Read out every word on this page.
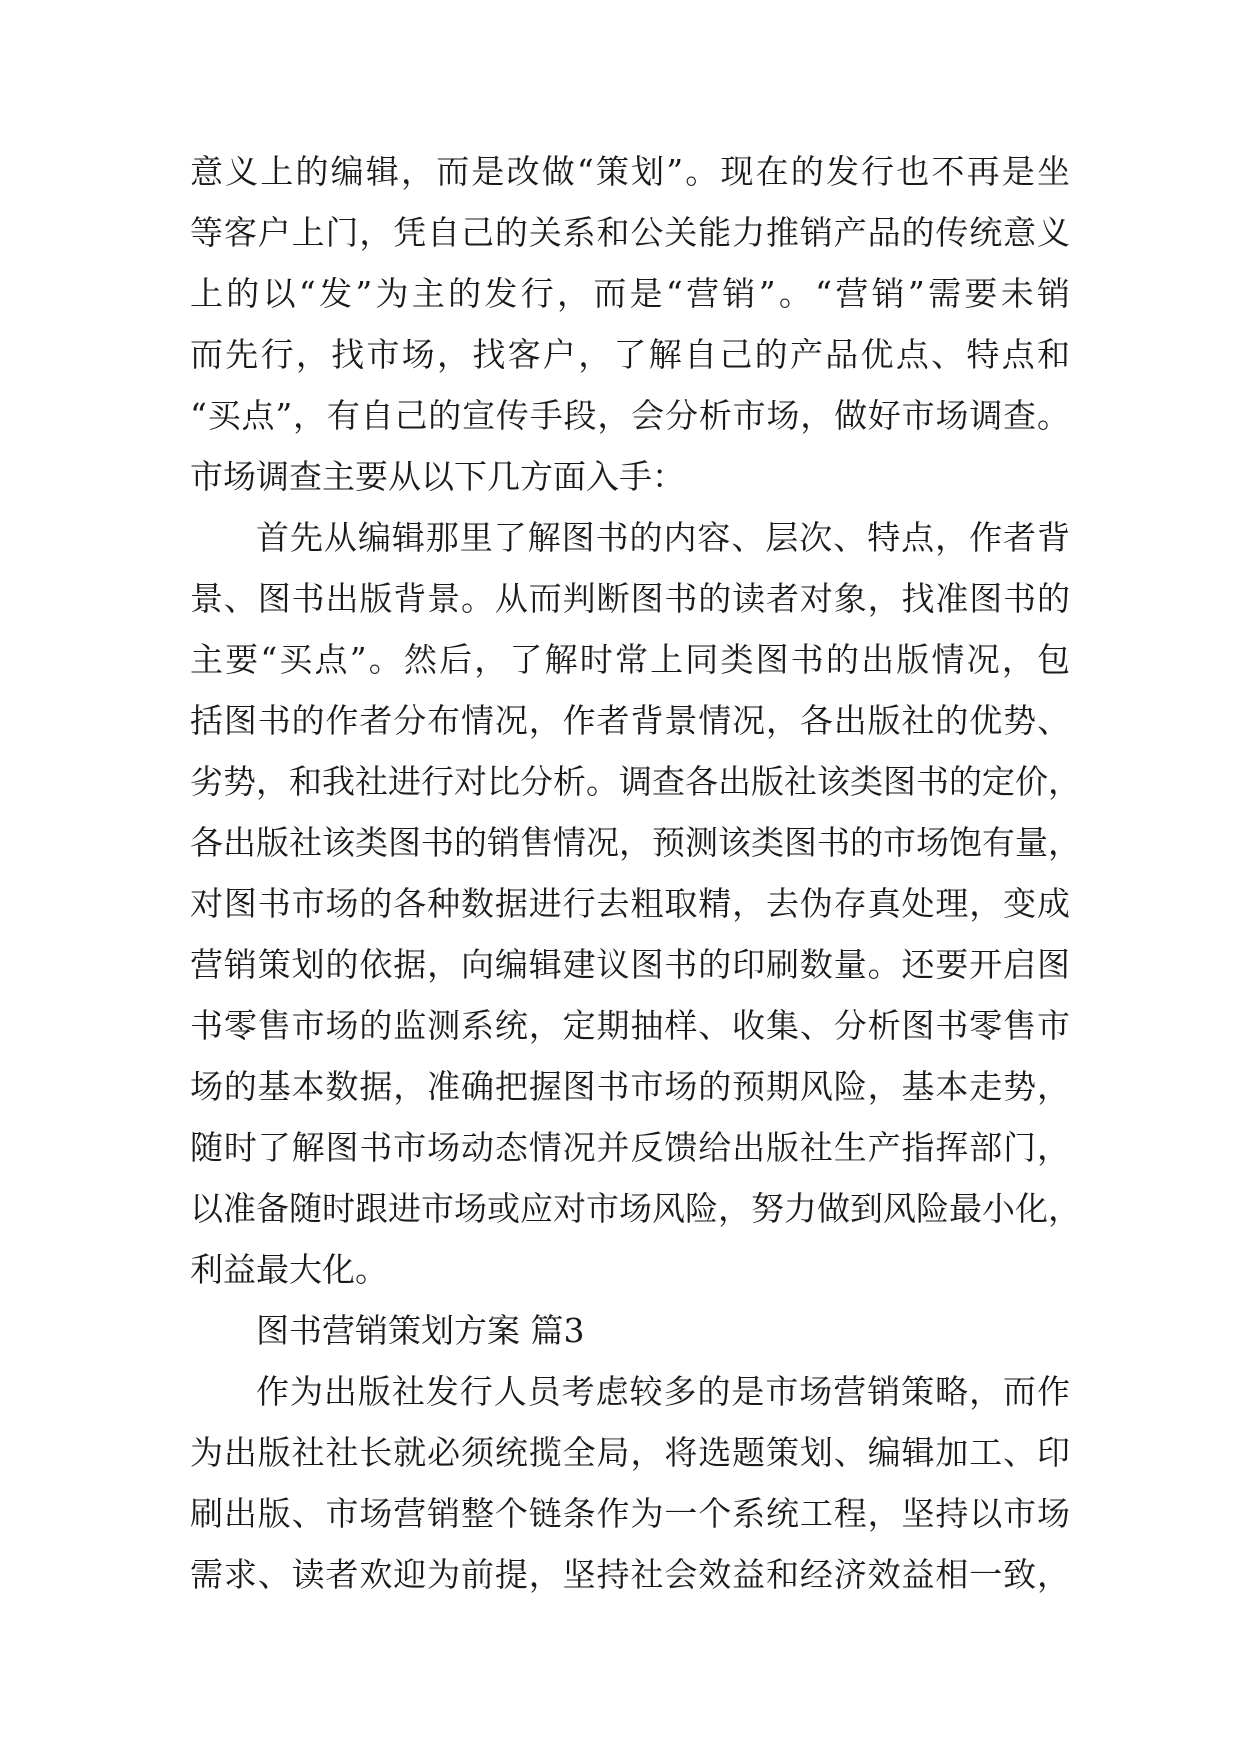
意义上的编辑，而是改做“策划”。现在的发行也不再是坐
等客户上门，凭自己的关系和公关能力推销产品的传统意义
上的以“发”为主的发行，而是“营销”。“营销”需要未销
而先行，找市场，找客户，了解自己的产品优点、特点和
“买点”，有自己的宣传手段，会分析市场，做好市场调查。
市场调查主要从以下几方面入手：
首先从编辑那里了解图书的内容、层次、特点，作者背
景、图书出版背景。从而判断图书的读者对象，找准图书的
主要“买点”。然后，了解时常上同类图书的出版情况，包
括图书的作者分布情况，作者背景情况，各出版社的优势、
劣势，和我社进行对比分析。调查各出版社该类图书的定价，
各出版社该类图书的销售情况，预测该类图书的市场饱有量，
对图书市场的各种数据进行去粗取精，去伪存真处理，变成
营销策划的依据，向编辑建议图书的印刷数量。还要开启图
书零售市场的监测系统，定期抽样、收集、分析图书零售市
场的基本数据，准确把握图书市场的预期风险，基本走势，
随时了解图书市场动态情况并反馈给出版社生产指挥部门，
以准备随时跟进市场或应对市场风险，努力做到风险最小化，
利益最大化。
图书营销策划方案 篇3
作为出版社发行人员考虑较多的是市场营销策略，而作
为出版社社长就必须统揽全局，将选题策划、编辑加工、印
刷出版、市场营销整个链条作为一个系统工程，坚持以市场
需求、读者欢迎为前提，坚持社会效益和经济效益相一致，
